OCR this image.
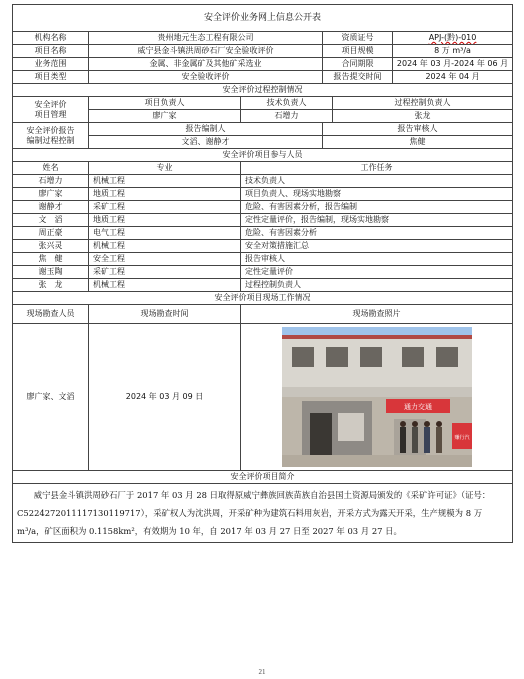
安全评价业务网上信息公开表					
机构名称	贵州地元生态工程有限公司		资质证号		APJ-(黔)-010
项目名称	威宁县金斗镇洪周砂石厂安全验收评价		项目规模		8 万 m³/a
业务范围	金属、非金属矿及其他矿采选业		合同期限		2024 年 03 月-2024 年 06 月
项目类型	安全验收评价		报告提交时间		2024 年 04 月
安全评价过程控制情况					

安全评价
项目管理	项目负责人	技术负责人		过程控制负责人	
	廖广家	石增力		张龙	

安全评价报告
编制过程控制	报告编制人		报告审核人		
	文滔、谢静才		焦健		
安全评价项目参与人员					
姓名	专业	工作任务			
石增力	机械工程	技术负责人			
廖广家	地质工程	项目负责人、现场实地勘察			
谢静才	采矿工程	危险、有害因素分析，报告编制			
文　滔	地质工程	定性定量评价，报告编制，现场实地勘察			
周正豪	电气工程	危险、有害因素分析			
张兴灵	机械工程	安全对策措施汇总			
焦　健	安全工程	报告审核人			
谢玉陶	采矿工程	定性定量评价			
张　龙	机械工程	过程控制负责人			
安全评价项目现场工作情况					
现场勘查人员	现场勘查时间	现场勘查照片			
廖广家、文滔	2024 年 03 月 09 日	通力交通
赚行汽			

安全评价项目简介					
威宁县金斗镇洪周砂石厂于 2017 年 03 月 28 日取得原威宁彝族回族苗族自治县国土资源局颁发的《采矿许可证》（证号：C5224272011117130119717），采矿权人为沈洪周，开采矿种为建筑石料用灰岩，开采方式为露天开采，生产规模为 8 万 m³/a，矿区面积为 0.1158km²，有效期为 10 年，自 2017 年 03 月 27 日至 2027 年 03 月 27 日。					
21
